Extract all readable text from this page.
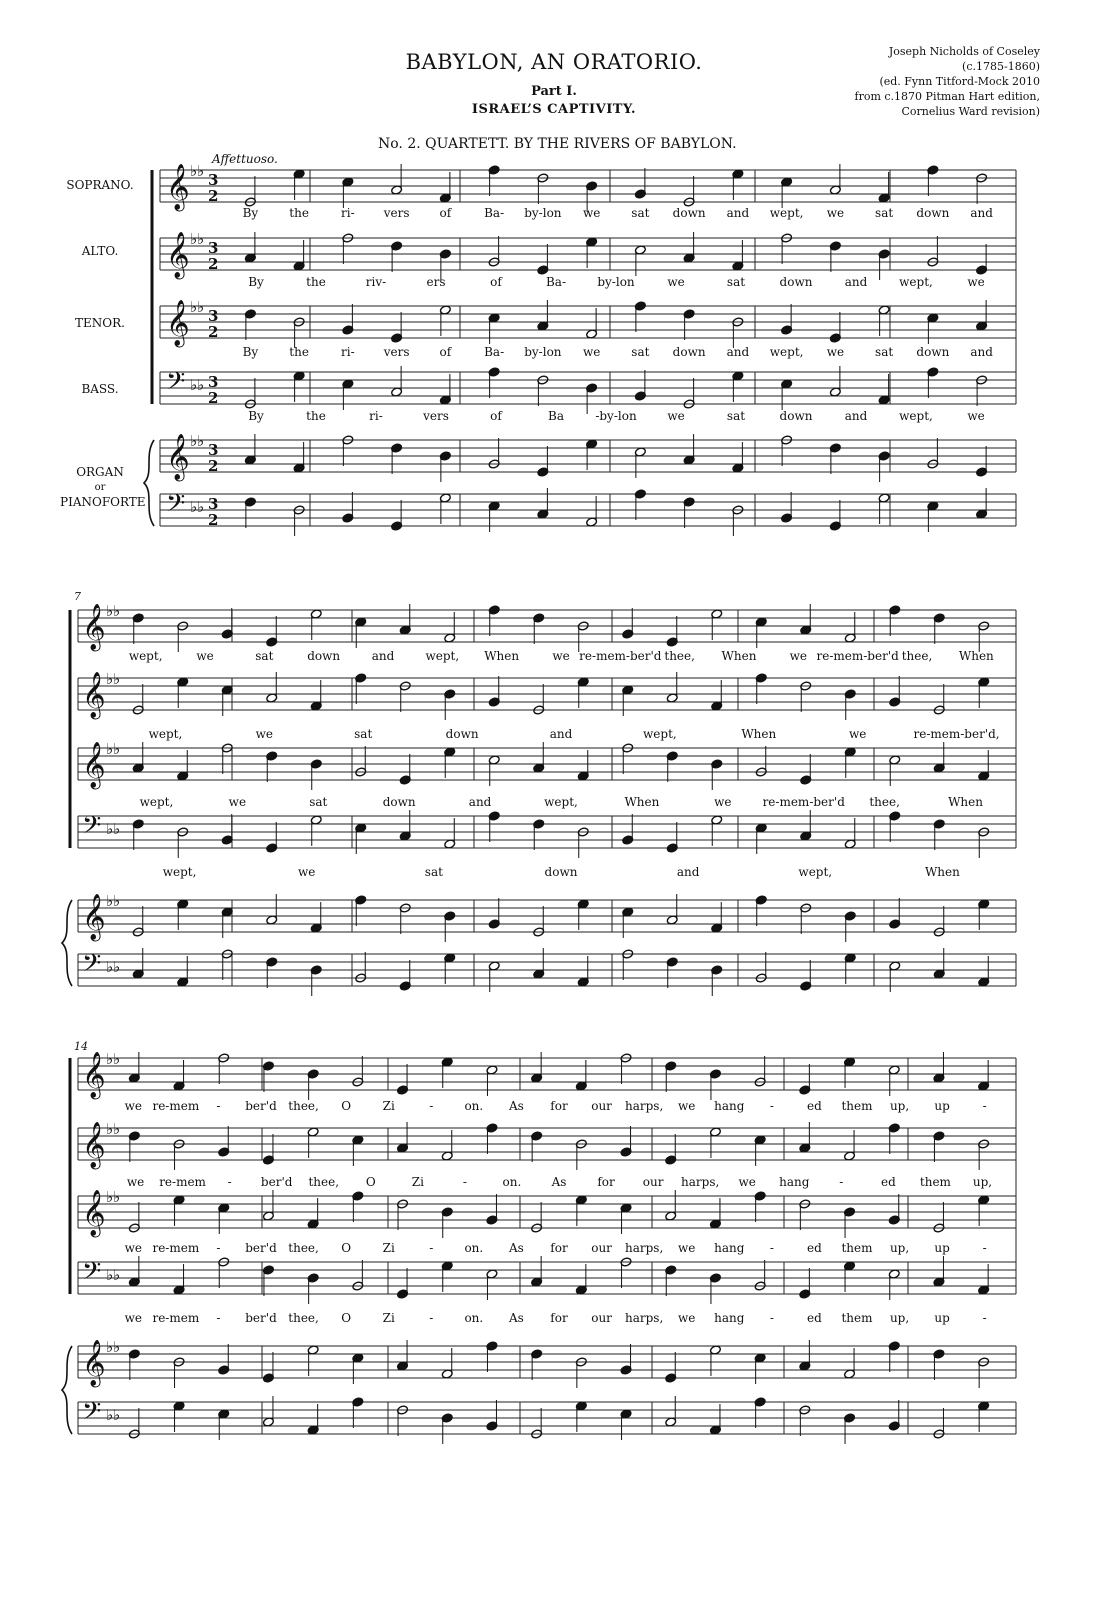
BABYLON, AN ORATORIO.
Part I.
ISRAEL’S CAPTIVITY.
No. 2. QUARTETT. BY THE RIVERS OF BABYLON.
Joseph Nicholds of Coseley
(c.1785-1860)
(ed. Fynn Titford-Mock 2010
from c.1870 Pitman Hart edition,
Cornelius Ward revision)
Affettuoso.
SOPRANO.
ALTO.
TENOR.
BASS.
ORGAN
or
PIANOFORTE
7
14
𝄞 ♭ ♭ 3
2
By	the	ri- vers	of	Ba- by-lon we	sat down and wept, we	sat down and
𝄞 ♭ ♭ 3
2
By	the	riv-	ers	of	Ba-	by-lon	we	sat	down	and	wept,	we
𝄞 ♭ ♭ 3
2
By	the	ri- vers	of	Ba- by-lon we	sat down and wept, we	sat down and
𝄢 ♭ ♭ 3
2
By	the	ri-	vers	of	Ba	-by-lon	we	sat	down	and	wept,	we
𝄞 ♭ ♭ 3
2
𝄢 ♭ ♭ 3
2
𝄞 ♭ ♭
wept,	we	sat	down	and	wept, When	we re-mem-ber'd thee, When	we re-mem-ber'd thee, When
𝄞 ♭ ♭
wept,	we	sat	down	and	wept,	When	we	re-mem-ber'd,
𝄞 ♭ ♭
wept,	we	sat	down	and	wept,	When	we	re-mem-ber'd thee,	When
𝄢 ♭ ♭
wept,	we	sat	down	and	wept,	When
𝄞 ♭ ♭
𝄢 ♭ ♭
𝄞 ♭ ♭
we re-mem - ber'd thee, O	Zi	-	on. As for our harps, we hang -	ed them up, up	-
𝄞 ♭ ♭
we re-mem - ber'd thee, O	Zi	-	on.	As	for our harps, we hang -	ed them up,
𝄞 ♭ ♭
we re-mem - ber'd thee, O	Zi	-	on. As for our harps, we hang -	ed them up, up	-
𝄢 ♭ ♭
we re-mem - ber'd thee, O	Zi	-	on. As for our harps, we hang -	ed them up, up	-
𝄞 ♭ ♭
𝄢 ♭ ♭
